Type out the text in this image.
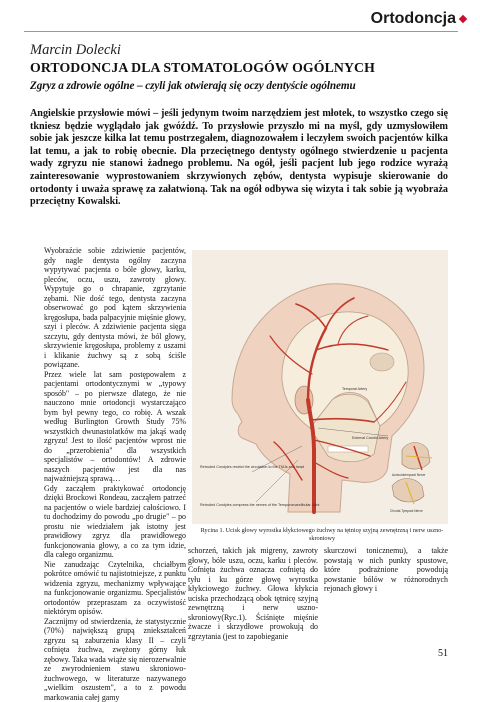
Ortodoncja
Marcin Dolecki
ORTODONCJA DLA STOMATOLOGÓW OGÓLNYCH
Zgryz a zdrowie ogólne – czyli jak otwierają się oczy dentyście ogólnemu

Angielskie przysłowie mówi – jeśli jedynym twoim narzędziem jest młotek, to wszystko czego się tkniesz będzie wyglądało jak gwóźdź. To przysłowie przyszło mi na myśl, gdy uzmysłowiłem sobie jak jeszcze kilka lat temu postrzegałem, diagnozowałem i leczyłem swoich pacjentów kilka lat temu, a jak to robię obecnie. Dla przeciętnego dentysty ogólnego stwierdzenie u pacjenta wady zgryzu nie stanowi żadnego problemu. Na ogół, jeśli pacjent lub jego rodzice wyrażą zainteresowanie wyprostowaniem skrzywionych zębów, dentysta wypisuje skierowanie do ortodonty i uważa sprawę za załatwioną. Tak na ogół odbywa się wizyta i tak sobie ją wyobraża przeciętny Kowalski.

Wyobraźcie sobie zdziwienie pacjentów, gdy nagle dentysta ogólny zaczyna wypytywać pacjenta o bóle głowy, karku, pleców, oczu, uszu, zawroty głowy. Wypytuje go o chrapanie, zgrzytanie zębami. Nie dość tego, dentysta zaczyna obserwować go pod kątem skrzywienia kręgosłupa, bada palpacyjnie mięśnie głowy, szyi i pleców. A zdziwienie pacjenta sięga szczytu, gdy dentysta mówi, że ból głowy, skrzywienie kręgosłupa, problemy z uszami i klikanie żuchwy są z sobą ściśle powiązane.

Przez wiele lat sam postępowałem z pacjentami ortodontycznymi w „typowy sposób" – po pierwsze dlatego, że nie nauczono mnie ortodoncji wystarczająco bym był pewny tego, co robię. A wszak według Burlington Growth Study 75% wszystkich dwunastolatków ma jakąś wadę zgryzu! Jest to ilość pacjentów wprost nie do „przerobienia" dla wszystkich specjalistów – ortodontów! A zdrowie naszych pacjentów jest dla nas najważniejszą sprawą…

Gdy zacząłem praktykować ortodoncję dzięki Brockowi Rondeau, zacząłem patrzeć na pacjentów o wiele bardziej całościowo. I tu dochodzimy do powodu „po drugie" – po prostu nie wiedziałem jak istotny jest prawidłowy zgryz dla prawidłowego funkcjonowania głowy, a co za tym idzie, dla całego organizmu.

Nie zanudzając Czytelnika, chciałbym pokrótce omówić tu najistotniejsze, z punktu widzenia zgryzu, mechanizmy wpływające na funkcjonowanie organizmu. Specjalistów ortodontów przepraszam za oczywistość niektórym opisów.

Zacznijmy od stwierdzenia, że statystycznie (70%) największą grupą zniekształceń zgryzu są zaburzenia klasy II – czyli cofnięta żuchwa, zwężony górny łuk zębowy. Taka wada wiąże się nierozerwalnie ze zwyrodnieniem stawu skroniowo-żuchwowego, w literaturze nazywanego „wielkim oszustem", a to z powodu markowania całej gamy

Temporal Artery
External Carotid Artery
Retruded Condyles restrict the circulation to the TMJs and head
Retruded Condyles compress the nerves of the Temporomandibular Joint
Auriculotemporal Nerve
Chorda Tympani Nerve
Rycina 1. Ucisk głowy wyrostka kłykciowego żuchwy na tętnicę szyjną zewnętrzną i nerw uszno-skroniowy
schorzeń, takich jak migreny, zawroty głowy, bóle uszu, oczu, karku i pleców. Cofnięta żuchwa oznacza cofniętą do tyłu i ku górze głowę wyrostka kłykciowego żuchwy. Głowa kłykcia uciska przechodzącą obok tętnicę szyjną zewnętrzną i nerw uszno-skroniowy(Ryc.1). Ściśnięte mięśnie żwacze i skrzydłowe prowokują do zgrzytania (jest to zapobieganie
skurczowi tonicznemu), a także powstają w nich punkty spustowe, które podrażnione powodują powstanie bólów w różnorodnych rejonach głowy i
51
